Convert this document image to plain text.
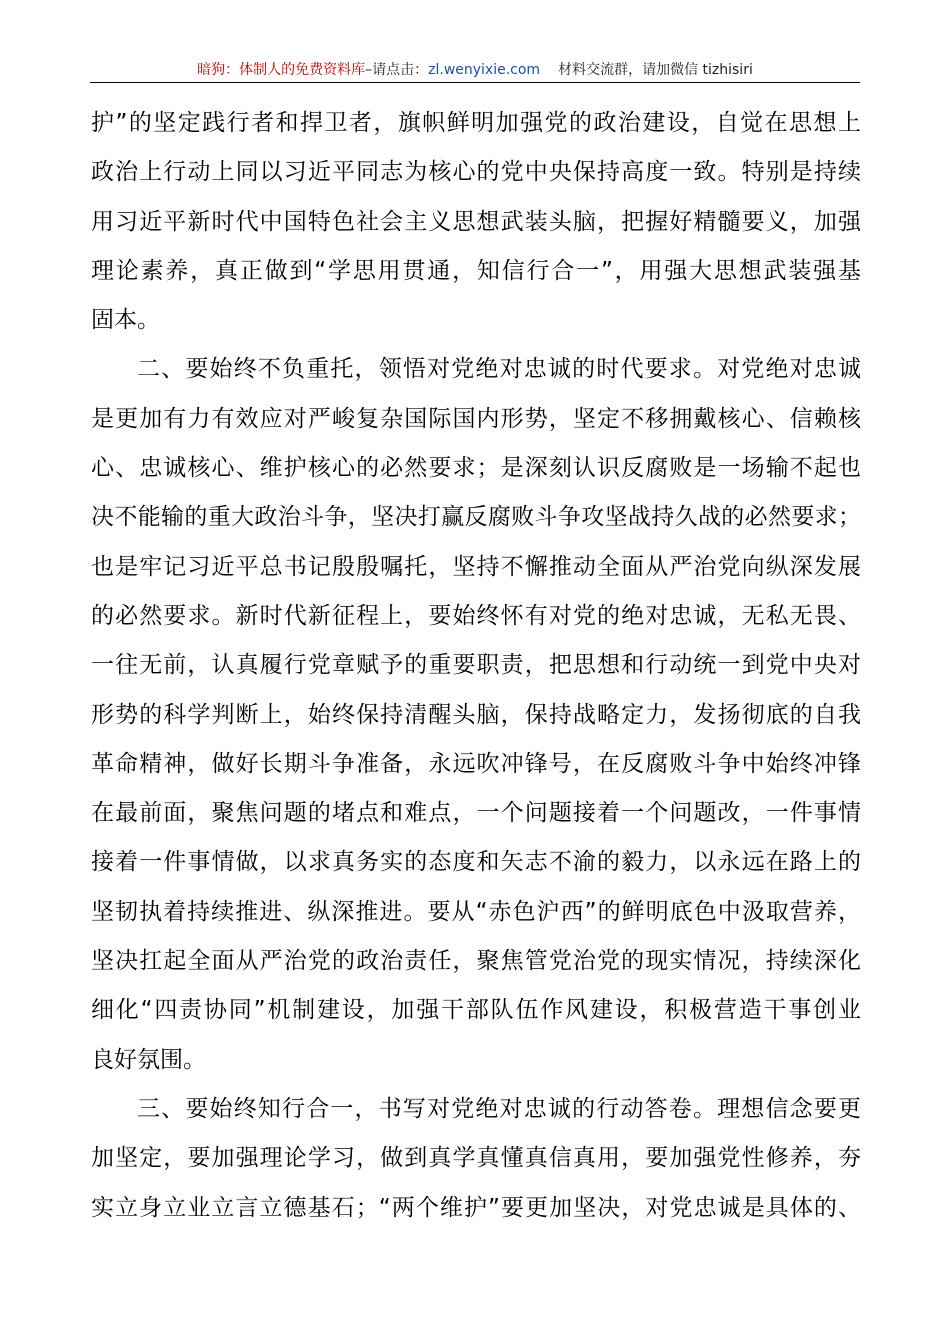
暗狗：体制人的免费资料库–请点击：zl.wenyixie.com 材料交流群，请加微信 tizhisiri
护”的坚定践行者和捍卫者，旗帜鲜明加强党的政治建设，自觉在思想上
政治上行动上同以习近平同志为核心的党中央保持高度一致。特别是持续
用习近平新时代中国特色社会主义思想武装头脑，把握好精髓要义，加强
理论素养，真正做到“学思用贯通，知信行合一”，用强大思想武装强基
固本。
二、要始终不负重托，领悟对党绝对忠诚的时代要求。对党绝对忠诚
是更加有力有效应对严峻复杂国际国内形势，坚定不移拥戴核心、信赖核
心、忠诚核心、维护核心的必然要求；是深刻认识反腐败是一场输不起也
决不能输的重大政治斗争，坚决打赢反腐败斗争攻坚战持久战的必然要求；
也是牢记习近平总书记殷殷嘱托，坚持不懈推动全面从严治党向纵深发展
的必然要求。新时代新征程上，要始终怀有对党的绝对忠诚，无私无畏、
一往无前，认真履行党章赋予的重要职责，把思想和行动统一到党中央对
形势的科学判断上，始终保持清醒头脑，保持战略定力，发扬彻底的自我
革命精神，做好长期斗争准备，永远吹冲锋号，在反腐败斗争中始终冲锋
在最前面，聚焦问题的堵点和难点，一个问题接着一个问题改，一件事情
接着一件事情做，以求真务实的态度和矢志不渝的毅力，以永远在路上的
坚韧执着持续推进、纵深推进。要从“赤色沪西”的鲜明底色中汲取营养，
坚决扛起全面从严治党的政治责任，聚焦管党治党的现实情况，持续深化
细化“四责协同”机制建设，加强干部队伍作风建设，积极营造干事创业
良好氛围。
三、要始终知行合一，书写对党绝对忠诚的行动答卷。理想信念要更
加坚定，要加强理论学习，做到真学真懂真信真用，要加强党性修养，夯
实立身立业立言立德基石；“两个维护”要更加坚决，对党忠诚是具体的、
